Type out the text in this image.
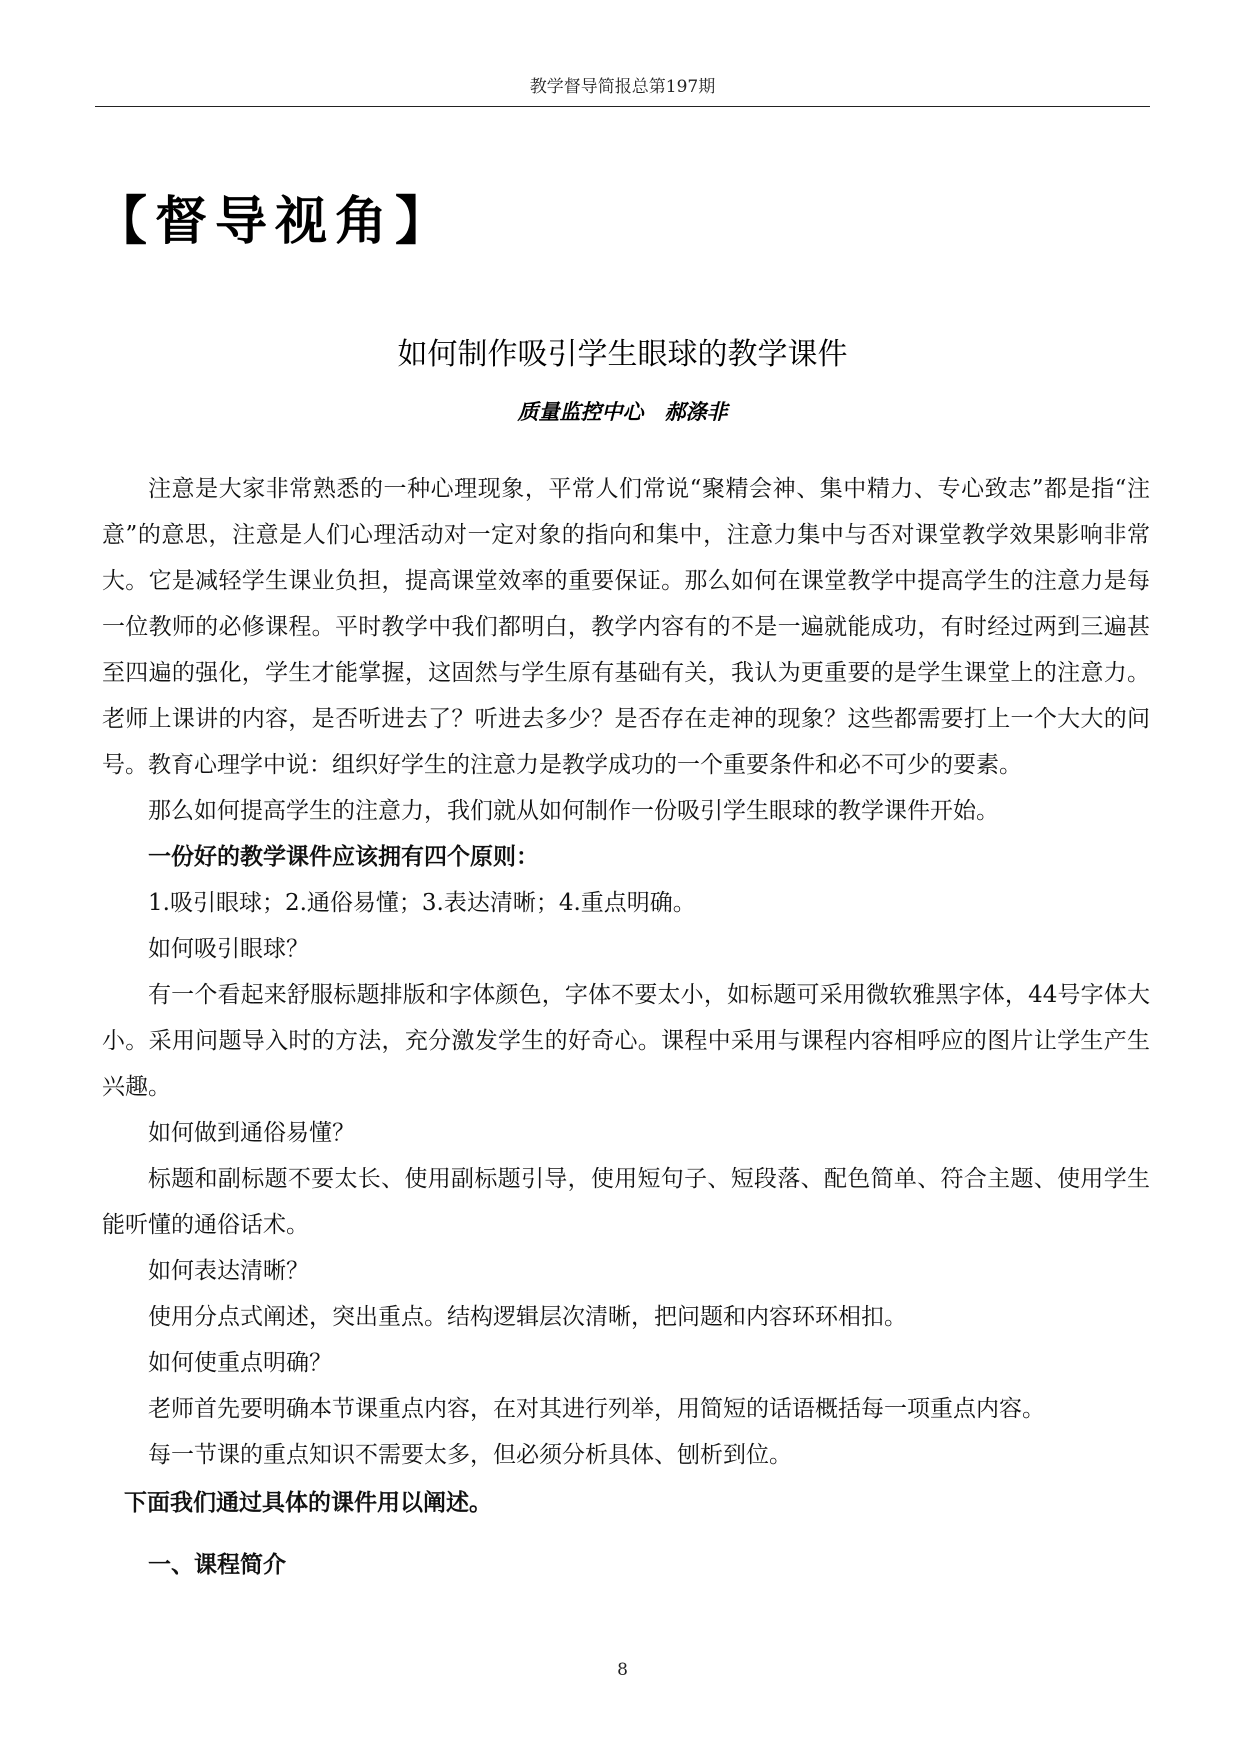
教学督导简报总第197期
【督导视角】
如何制作吸引学生眼球的教学课件
质量监控中心　郝涤非

注意是大家非常熟悉的一种心理现象，平常人们常说“聚精会神、集中精力、专心致志”都是指“注意”的意思，注意是人们心理活动对一定对象的指向和集中，注意力集中与否对课堂教学效果影响非常大。它是减轻学生课业负担，提高课堂效率的重要保证。那么如何在课堂教学中提高学生的注意力是每一位教师的必修课程。平时教学中我们都明白，教学内容有的不是一遍就能成功，有时经过两到三遍甚至四遍的强化，学生才能掌握，这固然与学生原有基础有关，我认为更重要的是学生课堂上的注意力。老师上课讲的内容，是否听进去了？听进去多少？是否存在走神的现象？这些都需要打上一个大大的问号。教育心理学中说：组织好学生的注意力是教学成功的一个重要条件和必不可少的要素。

那么如何提高学生的注意力，我们就从如何制作一份吸引学生眼球的教学课件开始。

一份好的教学课件应该拥有四个原则：

1.吸引眼球；2.通俗易懂；3.表达清晰；4.重点明确。

如何吸引眼球？

有一个看起来舒服标题排版和字体颜色，字体不要太小，如标题可采用微软雅黑字体，44号字体大小。采用问题导入时的方法，充分激发学生的好奇心。课程中采用与课程内容相呼应的图片让学生产生兴趣。

如何做到通俗易懂？

标题和副标题不要太长、使用副标题引导，使用短句子、短段落、配色简单、符合主题、使用学生能听懂的通俗话术。

如何表达清晰？

使用分点式阐述，突出重点。结构逻辑层次清晰，把问题和内容环环相扣。

如何使重点明确？

老师首先要明确本节课重点内容，在对其进行列举，用简短的话语概括每一项重点内容。

每一节课的重点知识不需要太多，但必须分析具体、刨析到位。

下面我们通过具体的课件用以阐述。

一、课程简介

8
